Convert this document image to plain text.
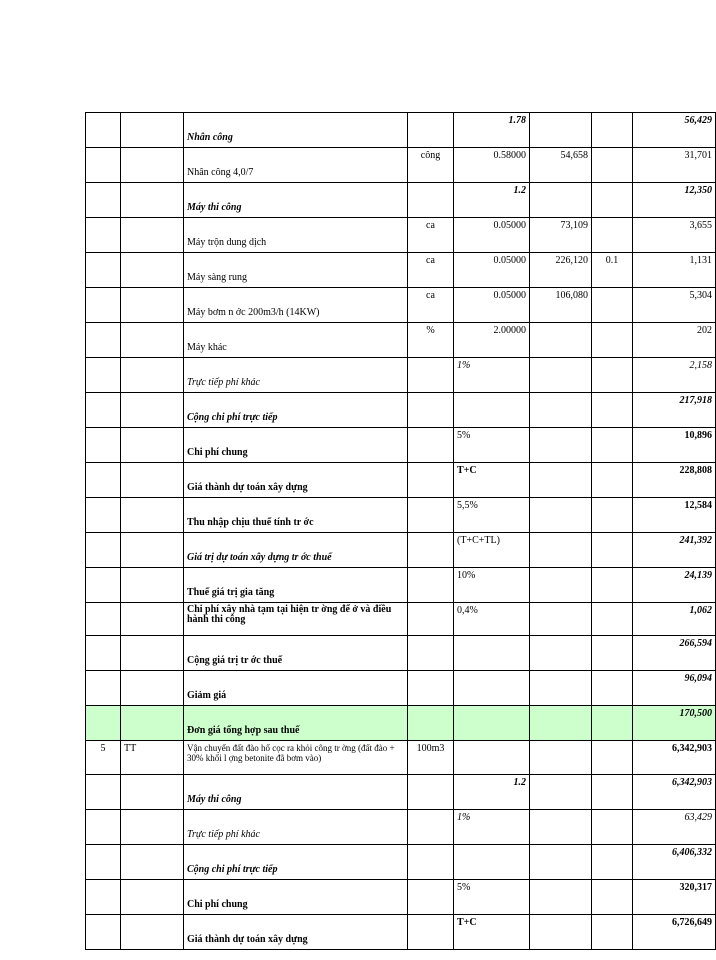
		Nhân công		1.78			56,429
		Nhân công 4,0/7	công	0.58000	54,658		31,701
		Máy thi công		1.2			12,350
		Máy trộn dung dịch	ca	0.05000	73,109		3,655
		Máy sàng rung	ca	0.05000	226,120	0.1	1,131
		Máy bơm n ớc 200m3/h (14KW)	ca	0.05000	106,080		5,304
		Máy khác	%	2.00000			202
		Trực tiếp phí khác		1%			2,158
		Cộng chi phí trực tiếp					217,918
		Chi phí chung		5%			10,896
		Giá thành dự toán xây dựng		T+C			228,808
		Thu nhập chịu thuế tính tr ớc		5,5%			12,584
		Giá trị dự toán xây dựng tr ớc thuế		(T+C+TL)			241,392
		Thuế giá trị gia tăng		10%			24,139
		Chi phí xây nhà tạm tại hiện tr ờng để ở và điều hành thi công		0,4%			1,062
		Cộng giá trị tr ớc thuế					266,594
		Giảm giá					96,094
		Đơn giá tổng hợp sau thuế					170,500
5	TT	Vận chuyển đất đào hố cọc ra khỏi công tr ờng (đất đào + 30% khối l ợng betonite đã bơm vào)	100m3				6,342,903
		Máy thi công		1.2			6,342,903
		Trực tiếp phí khác		1%			63,429
		Cộng chi phí trực tiếp					6,406,332
		Chi phí chung		5%			320,317
		Giá thành dự toán xây dựng		T+C			6,726,649
